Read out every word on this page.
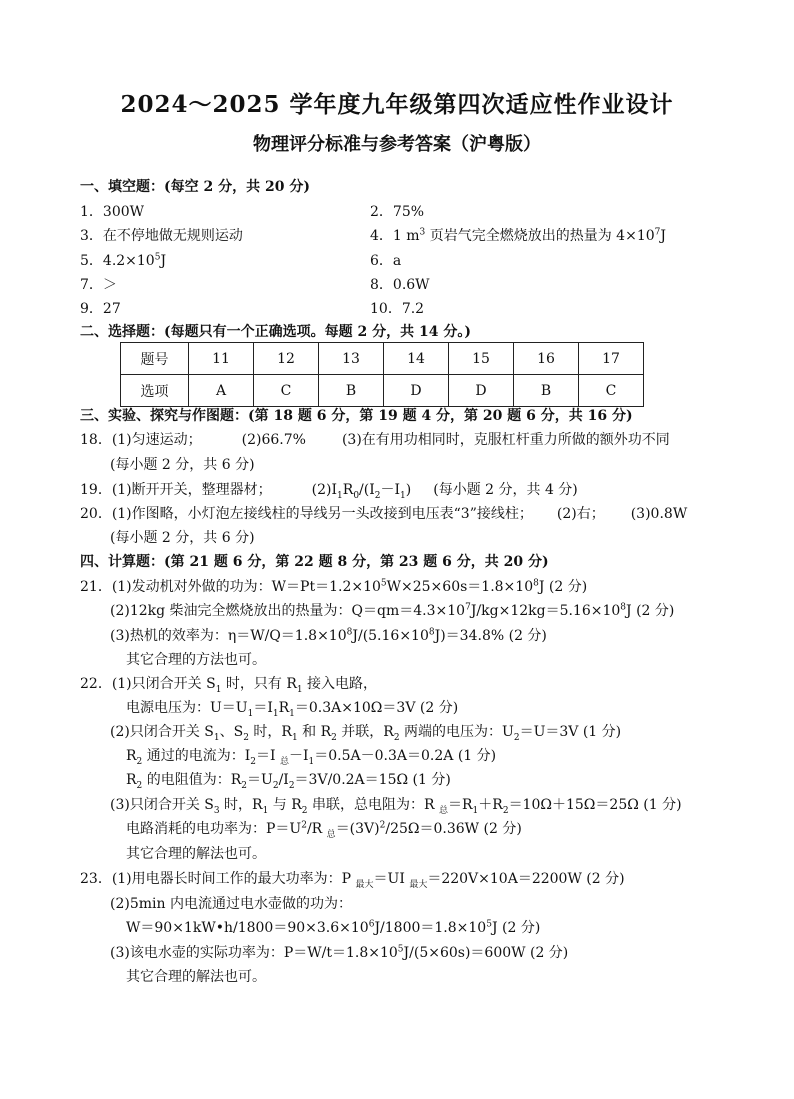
2024～2025 学年度九年级第四次适应性作业设计
物理评分标准与参考答案（沪粤版）
一、填空题：(每空 2 分，共 20 分)
1．300W	2．75%
3．在不停地做无规则运动	4．1 $m^3$ 页岩气完全燃烧放出的热量为 $4\times 10^7J$
5．$4.2\times 10^5J$	6．a
7．＞	8．0.6W
9．27	10．7.2
二、选择题：(每题只有一个正确选项。每题 2 分，共 14 分。)
题号	11	12	13	14	15	16	17
选项	A	C	B	D	D	B	C
三、实验、探究与作图题：(第 18 题 6 分，第 19 题 4 分，第 20 题 6 分，共 16 分)
18．(1)匀速运动；	(2)66.7%	(3)在有用功相同时，克服杠杆重力所做的额外功不同
(每小题 2 分，共 6 分)
19．(1)断开开关，整理器材；	$(2)I_1R_0/(I_2-I_1)$ (每小题 2 分，共 4 分)
20．(1)作图略，小灯泡左接线柱的导线另一头改接到电压表“3”接线柱； (2)右； (3)0.8W
(每小题 2 分，共 6 分)
四、计算题：(第 21 题 6 分，第 22 题 8 分，第 23 题 6 分，共 20 分)
21．(1)发动机对外做的功为：$W=Pt=1.2\times 10^5W\times 25\times 60s=1.8\times 10^8J$ (2 分)
(2)12kg 柴油完全燃烧放出的热量为：$Q=qm=4.3\times 10^7J/kg\times 12kg=5.16\times 10^8J$ (2 分)
(3)热机的效率为：$\eta=W/Q=1.8\times 10^8J/(5.16\times 10^8J)=34.8\%$ (2 分)
其它合理的方法也可。
22．(1)只闭合开关 $S_1$ 时，只有 $R_1$ 接入电路，
电源电压为：$U=U_1=I_1R_1=0.3A\times 10\Omega=3V$ (2 分)
(2)只闭合开关 $S_1$、$S_2$ 时，$R_1$ 和 $R_2$ 并联，$R_2$ 两端的电压为：$U_2=U=3V$ (1 分)
$R_2$ 通过的电流为：$I_2=I$ $_总-I_1=0.5A-0.3A=0.2A$ (1 分)
$R_2$ 的电阻值为：$R_2=U_2/I_2=3V/0.2A=15\Omega$ (1 分)
(3)只闭合开关 $S_3$ 时，$R_1$ 与 $R_2$ 串联，总电阻为：R $_总=R_1+R_2=10\Omega+15\Omega=25\Omega$ (1 分)
电路消耗的电功率为：$P=U^2/R$ $_总=(3V)^2/25\Omega=0.36W$ (2 分)
其它合理的解法也可。
23．(1)用电器长时间工作的最大功率为：P $_{最大}$＝UI $_{最大}$＝220V×10A＝2200W (2 分)
(2)5min 内电流通过电水壶做的功为：
$W=90\times 1kW•h/1800=90\times 3.6\times 10^6J/1800=1.8\times 10^5J$ (2 分)
(3)该电水壶的实际功率为：$P=W/t=1.8\times 10^5J/(5\times 60s)=600W$ (2 分)
其它合理的解法也可。
